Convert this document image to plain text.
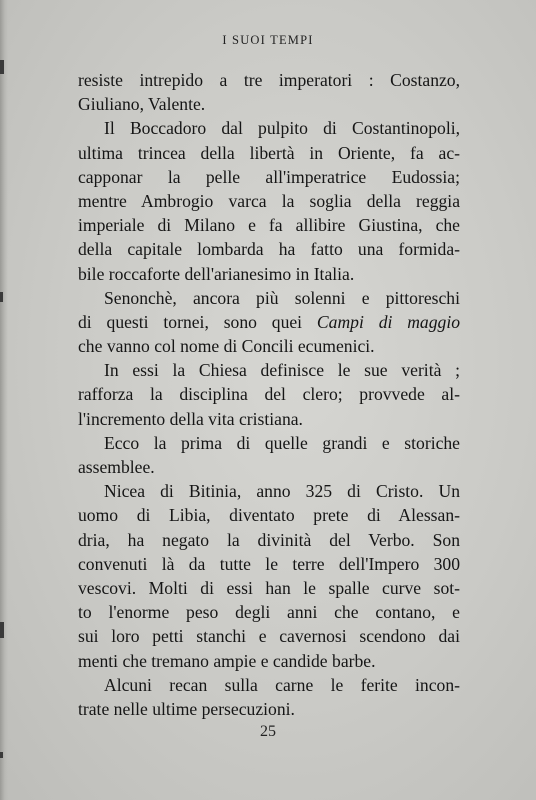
I SUOI TEMPI
resiste intrepido a tre imperatori : Costanzo,
Giuliano, Valente.
Il Boccadoro dal pulpito di Costantinopoli,
ultima trincea della libertà in Oriente, fa ac-
capponar la pelle all'imperatrice Eudossia;
mentre Ambrogio varca la soglia della reggia
imperiale di Milano e fa allibire Giustina, che
della capitale lombarda ha fatto una formida-
bile roccaforte dell'arianesimo in Italia.
Senonchè, ancora più solenni e pittoreschi
di questi tornei, sono quei Campi di maggio
che vanno col nome di Concili ecumenici.
In essi la Chiesa definisce le sue verità ;
rafforza la disciplina del clero; provvede al-
l'incremento della vita cristiana.
Ecco la prima di quelle grandi e storiche
assemblee.
Nicea di Bitinia, anno 325 di Cristo. Un
uomo di Libia, diventato prete di Alessan-
dria, ha negato la divinità del Verbo. Son
convenuti là da tutte le terre dell'Impero 300
vescovi. Molti di essi han le spalle curve sot-
to l'enorme peso degli anni che contano, e
sui loro petti stanchi e cavernosi scendono dai
menti che tremano ampie e candide barbe.
Alcuni recan sulla carne le ferite incon-
trate nelle ultime persecuzioni.
25
